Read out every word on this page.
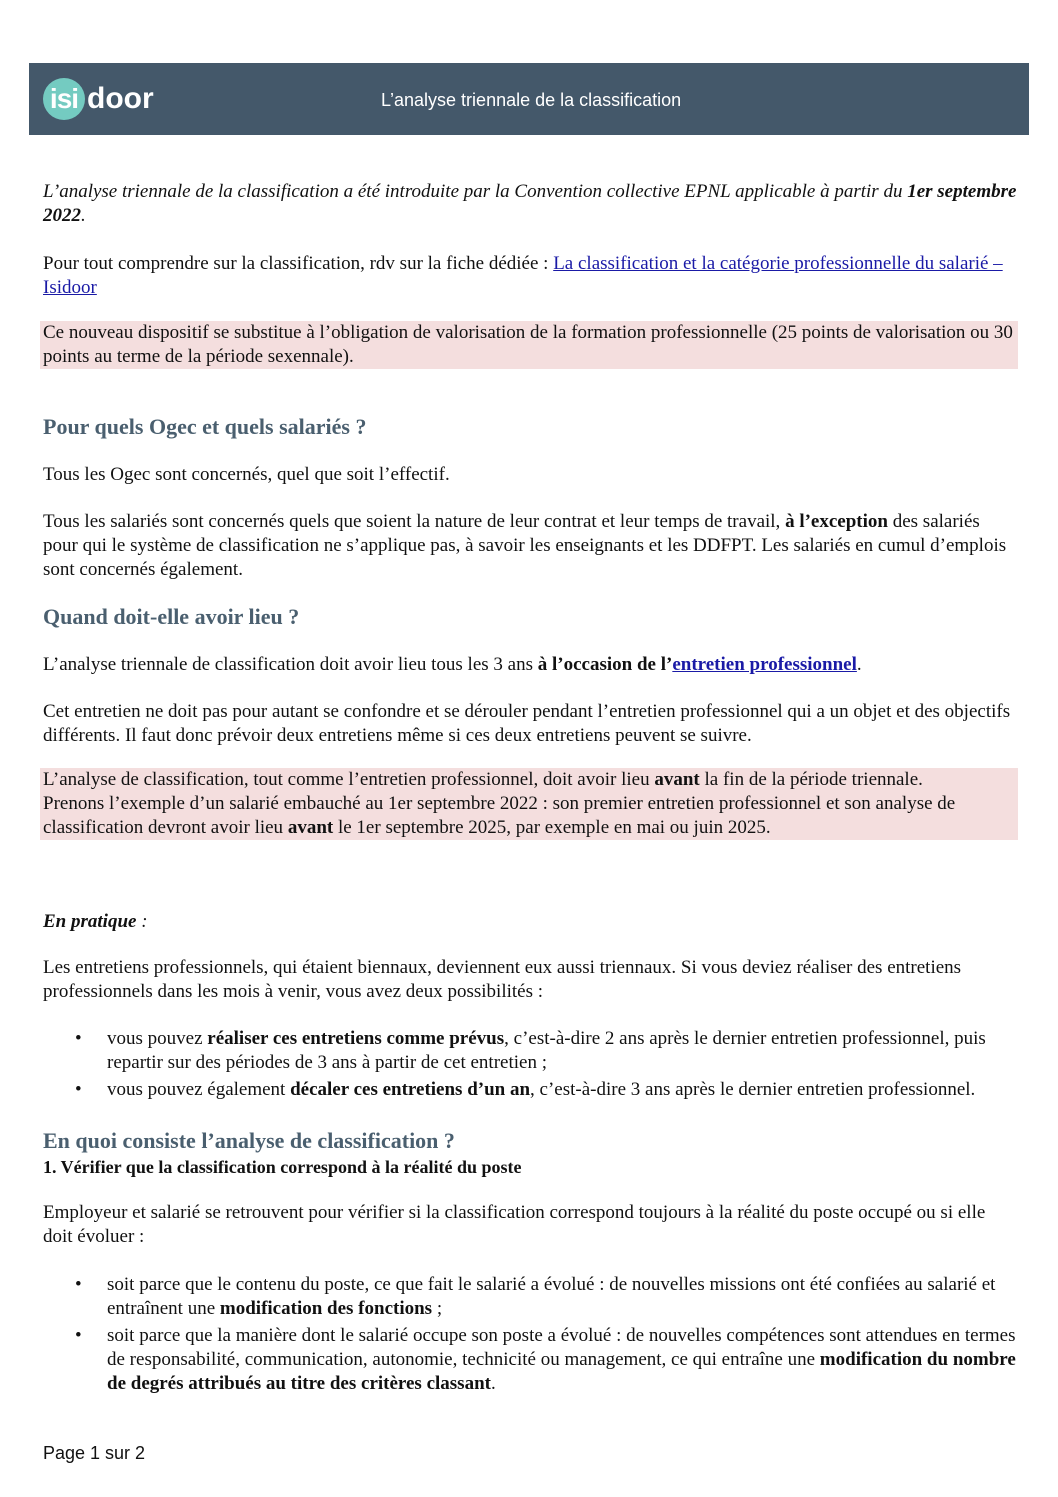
isi door	L’analyse triennale de la classification
L’analyse triennale de la classification a été introduite par la Convention collective EPNL applicable à partir du 1er septembre 2022.
Pour tout comprendre sur la classification, rdv sur la fiche dédiée : La classification et la catégorie professionnelle du salarié – Isidoor
Ce nouveau dispositif se substitue à l’obligation de valorisation de la formation professionnelle (25 points de valorisation ou 30 points au terme de la période sexennale).
Pour quels Ogec et quels salariés ?
Tous les Ogec sont concernés, quel que soit l’effectif.
Tous les salariés sont concernés quels que soient la nature de leur contrat et leur temps de travail, à l’exception des salariés pour qui le système de classification ne s’applique pas, à savoir les enseignants et les DDFPT. Les salariés en cumul d’emplois sont concernés également.
Quand doit-elle avoir lieu ?
L’analyse triennale de classification doit avoir lieu tous les 3 ans à l’occasion de l’entretien professionnel.
Cet entretien ne doit pas pour autant se confondre et se dérouler pendant l’entretien professionnel qui a un objet et des objectifs différents. Il faut donc prévoir deux entretiens même si ces deux entretiens peuvent se suivre.
L’analyse de classification, tout comme l’entretien professionnel, doit avoir lieu avant la fin de la période triennale.
Prenons l’exemple d’un salarié embauché au 1er septembre 2022 : son premier entretien professionnel et son analyse de classification devront avoir lieu avant le 1er septembre 2025, par exemple en mai ou juin 2025.
En pratique :
Les entretiens professionnels, qui étaient biennaux, deviennent eux aussi triennaux. Si vous deviez réaliser des entretiens professionnels dans les mois à venir, vous avez deux possibilités :
• vous pouvez réaliser ces entretiens comme prévus, c’est-à-dire 2 ans après le dernier entretien professionnel, puis repartir sur des périodes de 3 ans à partir de cet entretien ;
• vous pouvez également décaler ces entretiens d’un an, c’est-à-dire 3 ans après le dernier entretien professionnel.
En quoi consiste l’analyse de classification ?
1. Vérifier que la classification correspond à la réalité du poste
Employeur et salarié se retrouvent pour vérifier si la classification correspond toujours à la réalité du poste occupé ou si elle doit évoluer :
• soit parce que le contenu du poste, ce que fait le salarié a évolué : de nouvelles missions ont été confiées au salarié et entraînent une modification des fonctions ;
• soit parce que la manière dont le salarié occupe son poste a évolué : de nouvelles compétences sont attendues en termes de responsabilité, communication, autonomie, technicité ou management, ce qui entraîne une modification du nombre de degrés attribués au titre des critères classant.
Page 1 sur 2
